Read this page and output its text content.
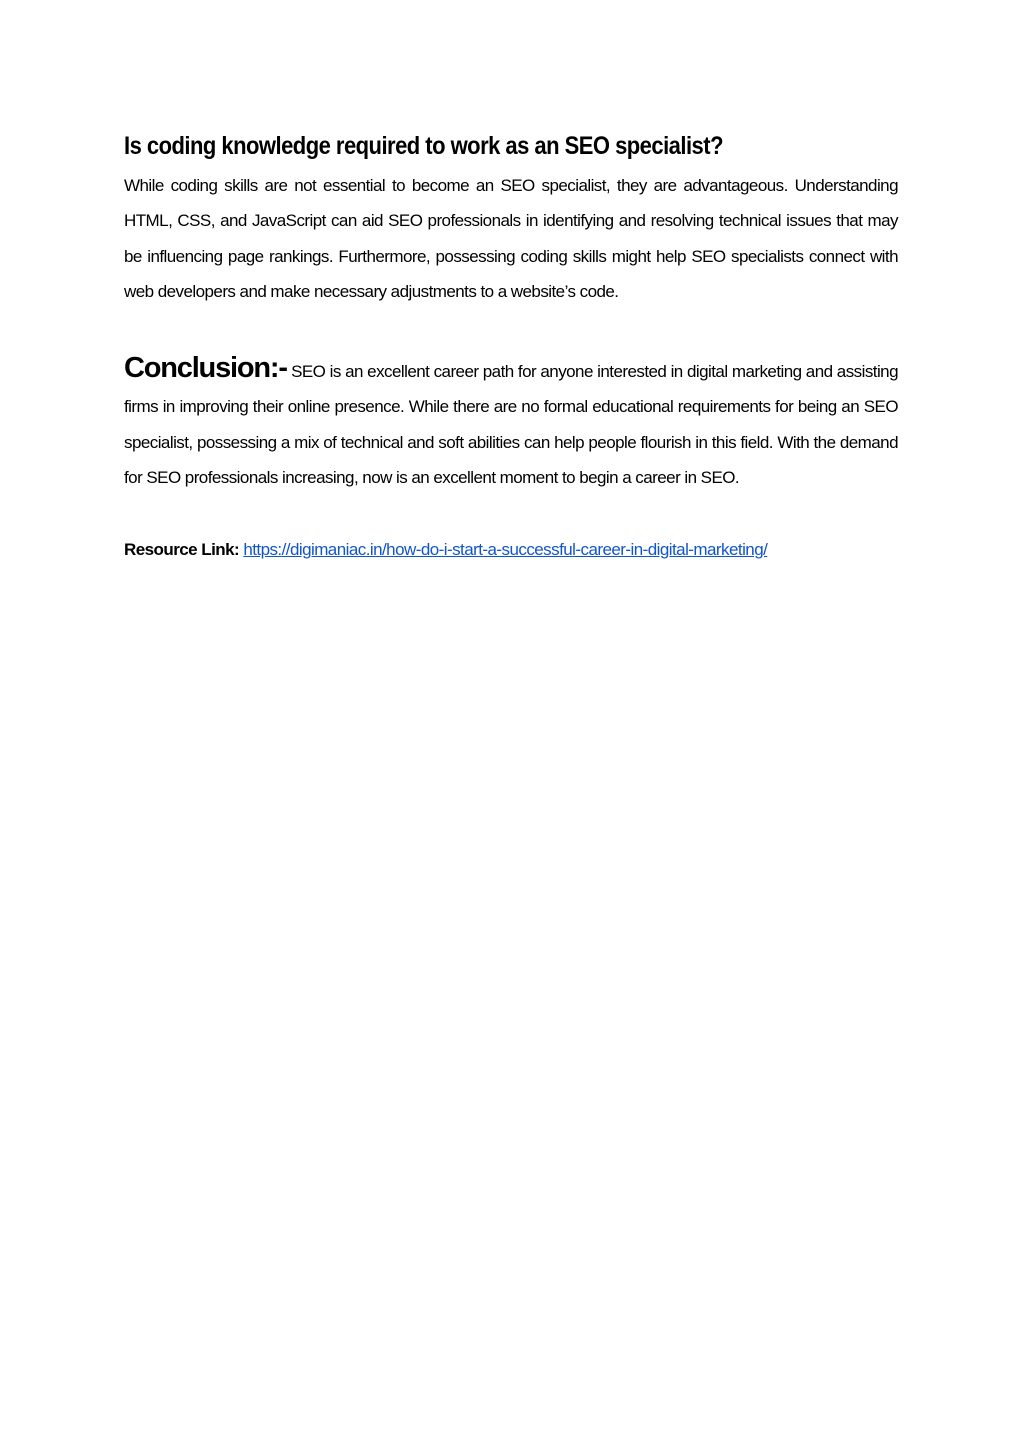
Is coding knowledge required to work as an SEO specialist?

While coding skills are not essential to become an SEO specialist, they are advantageous. Understanding HTML, CSS, and JavaScript can aid SEO professionals in identifying and resolving technical issues that may be influencing page rankings. Furthermore, possessing coding skills might help SEO specialists connect with web developers and make necessary adjustments to a website’s code.

Conclusion:- SEO is an excellent career path for anyone interested in digital marketing and assisting firms in improving their online presence. While there are no formal educational requirements for being an SEO specialist, possessing a mix of technical and soft abilities can help people flourish in this field. With the demand for SEO professionals increasing, now is an excellent moment to begin a career in SEO.

Resource Link: https://digimaniac.in/how-do-i-start-a-successful-career-in-digital-marketing/
